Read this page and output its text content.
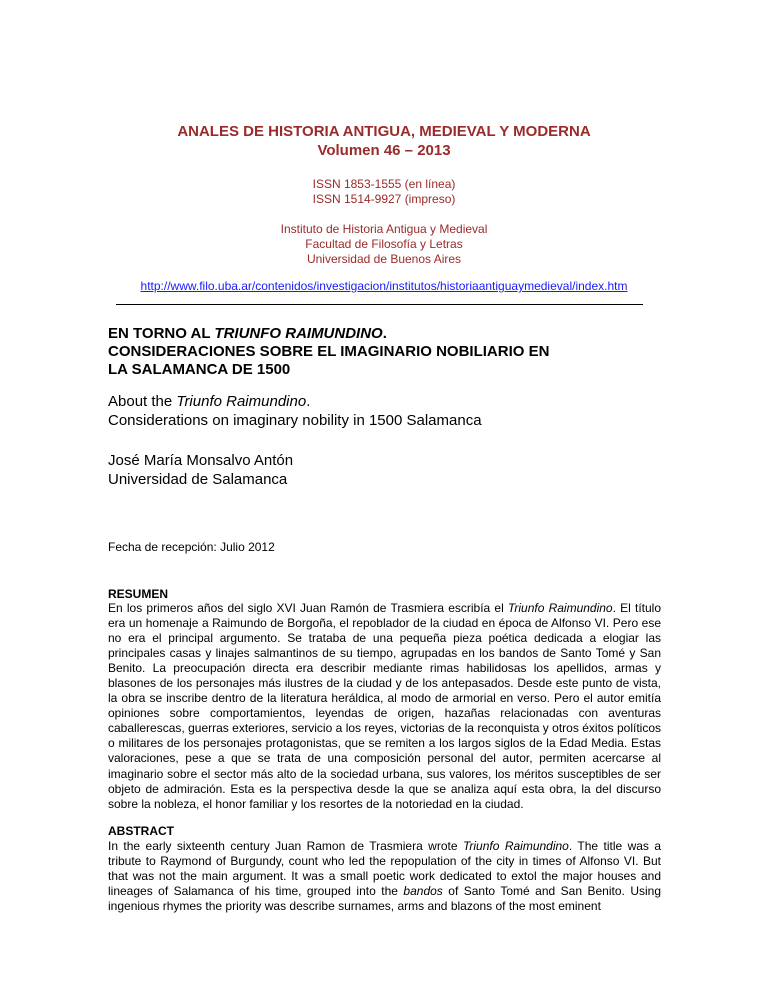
ANALES DE HISTORIA ANTIGUA, MEDIEVAL Y MODERNA
Volumen 46 – 2013
ISSN 1853-1555 (en línea)
ISSN 1514-9927 (impreso)
Instituto de Historia Antigua y Medieval
Facultad de Filosofía y Letras
Universidad de Buenos Aires
http://www.filo.uba.ar/contenidos/investigacion/institutos/historiaantiguaymedieval/index.htm
EN TORNO AL TRIUNFO RAIMUNDINO.
CONSIDERACIONES SOBRE EL IMAGINARIO NOBILIARIO EN
LA SALAMANCA DE 1500
About the Triunfo Raimundino.
Considerations on imaginary nobility in 1500 Salamanca
José María Monsalvo Antón
Universidad de Salamanca
Fecha de recepción: Julio 2012
RESUMEN
En los primeros años del siglo XVI Juan Ramón de Trasmiera escribía el Triunfo Raimundino. El título era un homenaje a Raimundo de Borgoña, el repoblador de la ciudad en época de Alfonso VI. Pero ese no era el principal argumento. Se trataba de una pequeña pieza poética dedicada a elogiar las principales casas y linajes salmantinos de su tiempo, agrupadas en los bandos de Santo Tomé y San Benito. La preocupación directa era describir mediante rimas habilidosas los apellidos, armas y blasones de los personajes más ilustres de la ciudad y de los antepasados. Desde este punto de vista, la obra se inscribe dentro de la literatura heráldica, al modo de armorial en verso. Pero el autor emitía opiniones sobre comportamientos, leyendas de origen, hazañas relacionadas con aventuras caballerescas, guerras exteriores, servicio a los reyes, victorias de la reconquista y otros éxitos políticos o militares de los personajes protagonistas, que se remiten a los largos siglos de la Edad Media. Estas valoraciones, pese a que se trata de una composición personal del autor, permiten acercarse al imaginario sobre el sector más alto de la sociedad urbana, sus valores, los méritos susceptibles de ser objeto de admiración. Esta es la perspectiva desde la que se analiza aquí esta obra, la del discurso sobre la nobleza, el honor familiar y los resortes de la notoriedad en la ciudad.
ABSTRACT
In the early sixteenth century Juan Ramon de Trasmiera wrote Triunfo Raimundino. The title was a tribute to Raymond of Burgundy, count who led the repopulation of the city in times of Alfonso VI. But that was not the main argument. It was a small poetic work dedicated to extol the major houses and lineages of Salamanca of his time, grouped into the bandos of Santo Tomé and San Benito. Using ingenious rhymes the priority was describe surnames, arms and blazons of the most eminent
